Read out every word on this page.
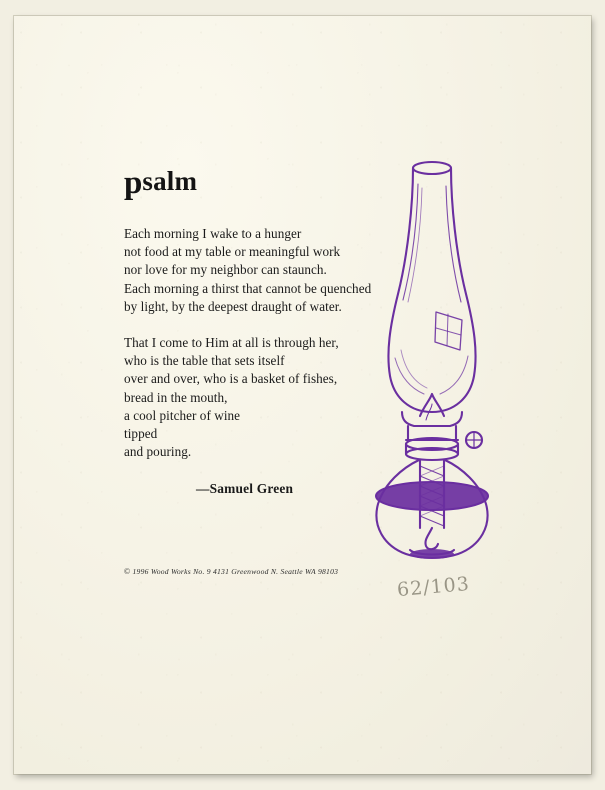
psalm

Each morning I wake to a hunger
not food at my table or meaningful work
nor love for my neighbor can staunch.
Each morning a thirst that cannot be quenched
by light, by the deepest draught of water.

That I come to Him at all is through her,
who is the table that sets itself
over and over, who is a basket of fishes,
bread in the mouth,
a cool pitcher of wine
tipped
and pouring.

—Samuel Green
© 1996 Wood Works No. 9 4131 Greenwood N. Seattle WA 98103
62/103
